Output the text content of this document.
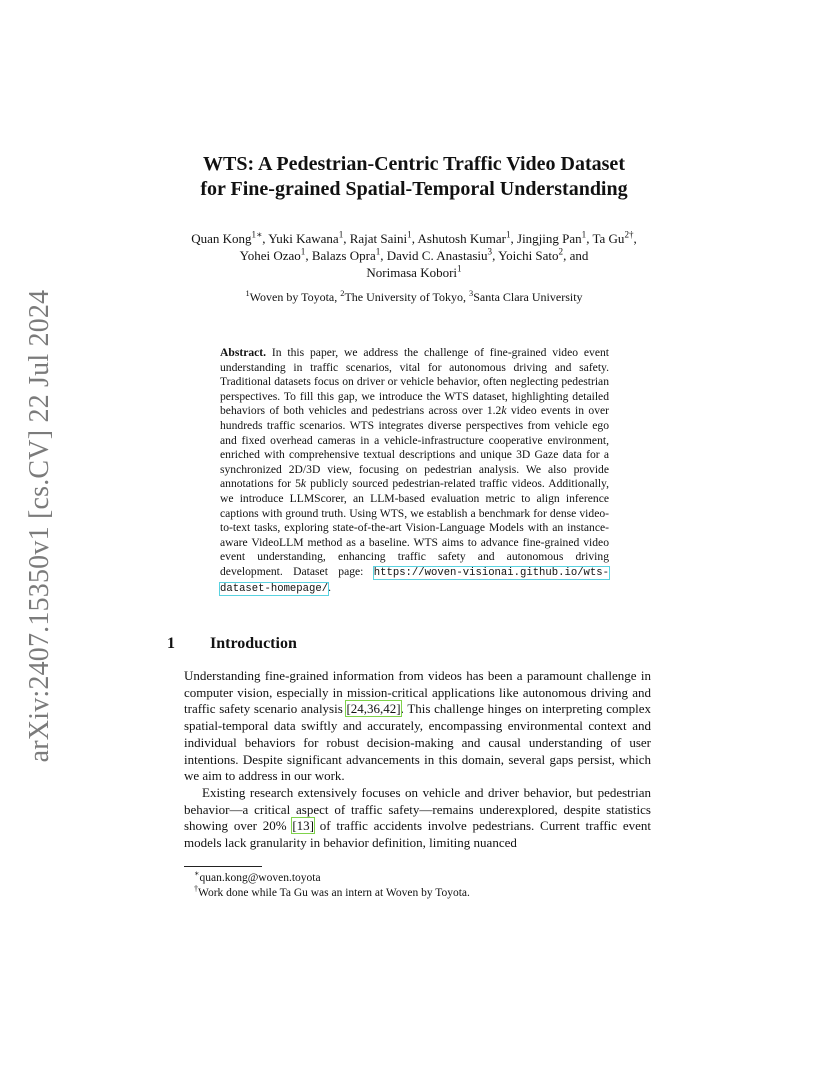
arXiv:2407.15350v1 [cs.CV] 22 Jul 2024
WTS: A Pedestrian-Centric Traffic Video Dataset
for Fine-grained Spatial-Temporal Understanding
Quan Kong$^{1∗}$, Yuki Kawana$^1$, Rajat Saini$^1$, Ashutosh Kumar$^1$, Jingjing Pan$^1$, Ta $Gu^{2\dagger}$, Yohei Ozao$^1$, Balazs Opra$^1$, David C. Anastasiu$^3$, Yoichi Sato$^2$, and
Norimasa Kobori$^1$
$^1$Woven by Toyota, $^2$The University of Tokyo, $^3$Santa Clara University
Abstract. In this paper, we address the challenge of fine-grained video event understanding in traffic scenarios, vital for autonomous driving and safety. Traditional datasets focus on driver or vehicle behavior, often neglecting pedestrian perspectives. To fill this gap, we introduce the WTS dataset, highlighting detailed behaviors of both vehicles and pedestrians across over 1.2k video events in over hundreds traffic scenarios. WTS integrates diverse perspectives from vehicle ego and fixed overhead cameras in a vehicle-infrastructure cooperative environment, enriched with comprehensive textual descriptions and unique 3D Gaze data for a synchronized 2D/3D view, focusing on pedestrian analysis. We also provide annotations for 5k publicly sourced pedestrian-related traffic videos. Additionally, we introduce LLMScorer, an LLM-based evaluation metric to align inference captions with ground truth. Using WTS, we establish a benchmark for dense video-to-text tasks, exploring state-of-the-art Vision-Language Models with an instance-aware VideoLLM method as a baseline. WTS aims to advance fine-grained video event understanding, enhancing traffic safety and autonomous driving development. Dataset page: https://woven-visionai.github.io/wts-dataset-homepage/.
1 Introduction

Understanding fine-grained information from videos has been a paramount challenge in computer vision, especially in mission-critical applications like autonomous driving and traffic safety scenario analysis [24,36,42]. This challenge hinges on interpreting complex spatial-temporal data swiftly and accurately, encompassing environmental context and individual behaviors for robust decision-making and causal understanding of user intentions. Despite significant advancements in this domain, several gaps persist, which we aim to address in our work.

Existing research extensively focuses on vehicle and driver behavior, but pedestrian behavior—a critical aspect of traffic safety—remains underexplored, despite statistics showing over 20% [13] of traffic accidents involve pedestrians. Current traffic event models lack granularity in behavior definition, limiting nuanced

∗quan.kong@woven.toyota
†Work done while Ta Gu was an intern at Woven by Toyota.
